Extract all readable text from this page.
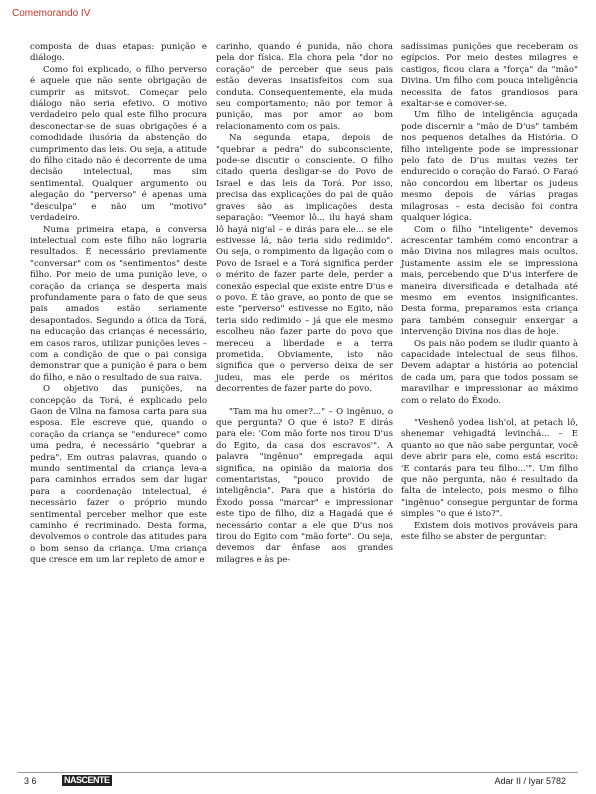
Comemorando IV

composta de duas etapas: punição e diálogo.

Como foi explicado, o filho perverso é aquele que não sente obrigação de cumprir as mitsvot. Começar pelo diálogo não seria efetivo. O motivo verdadeiro pelo qual este filho procura desconectar-se de suas obrigações é a comodidade ilusória da abstenção do cumprimento das leis. Ou seja, a atitude do filho citado não é decorrente de uma decisão intelectual, mas sim sentimental. Qualquer argumento ou alegação do "perverso" é apenas uma "desculpa" e não um "motivo" verdadeiro.

Numa primeira etapa, a conversa intelectual com este filho não lograria resultados. É necessário previamente "conversar" com os "sentimentos" deste filho. Por meio de uma punição leve, o coração da criança se desperta mais profundamente para o fato de que seus pais amados estão seriamente desapontados. Segundo a ótica da Torá, na educação das crianças é necessário, em casos raros, utilizar punições leves – com a condição de que o pai consiga demonstrar que a punição é para o bem do filho, e não o resultado de sua raiva.

O objetivo das punições, na concepção da Torá, é explicado pelo Gaon de Vilna na famosa carta para sua esposa. Ele escreve que, quando o coração da criança se "endurece" como uma pedra, é necessário "quebrar a pedra". Em outras palavras, quando o mundo sentimental da criança leva-a para caminhos errados sem dar lugar para a coordenação intelectual, é necessário fazer o próprio mundo sentimental perceber melhor que este caminho é recriminado. Desta forma, devolvemos o controle das atitudes para o bom senso da criança. Uma criança que cresce em um lar repleto de amor e

carinho, quando é punida, não chora pela dor física. Ela chora pela "dor no coração" de perceber que seus pais estão deveras insatisfeitos com sua conduta. Consequentemente, ela muda seu comportamento; não por temor à punição, mas por amor ao bom relacionamento com os pais.

Na segunda etapa, depois de "quebrar a pedra" do subconsciente, pode-se discutir o consciente. O filho citado queria desligar-se do Povo de Israel e das leis da Torá. Por isso, precisa das explicações do pai de quão graves são as implicações desta separação: "Veemor lô... ilu hayá sham lô hayá nig'al – e dirás para ele... se ele estivesse lá, não teria sido redimido". Ou seja, o rompimento da ligação com o Povo de Israel e a Torá significa perder o mérito de fazer parte dele, perder a conexão especial que existe entre D'us e o povo. É tão grave, ao ponto de que se este "perverso" estivesse no Egito, não teria sido redimido – já que ele mesmo escolheu não fazer parte do povo que mereceu a liberdade e a terra prometida. Obviamente, isto não significa que o perverso deixa de ser judeu, mas ele perde os méritos decorrentes de fazer parte do povo.

"Tam ma hu omer?..." – O ingênuo, o que pergunta? O que é isto? E dirás para ele: 'Com mão forte nos tirou D'us do Egito, da casa dos escravos'". A palavra "ingênuo" empregada aqui significa, na opinião da maioria dos comentaristas, "pouco provido de inteligência". Para que a história do Êxodo possa "marcar" e impressionar este tipo de filho, diz a Hagadá que é necessário contar a ele que D'us nos tirou do Egito com "mão forte". Ou seja, devemos dar ênfase aos grandes milagres e às pe-

sadíssimas punições que receberam os egípcios. Por meio destes milagres e castigos, ficou clara a "força" da "mão" Divina. Um filho com pouca inteligência necessita de fatos grandiosos para exaltar-se e comover-se.

Um filho de inteligência aguçada pode discernir a "mão de D'us" também nos pequenos detalhes da História. O filho inteligente pode se impressionar pelo fato de D'us muitas vezes ter endurecido o coração do Faraó. O Faraó não concordou em libertar os judeus mesmo depois de várias pragas milagrosas – esta decisão foi contra qualquer lógica.

Com o filho "inteligente" devemos acrescentar também como encontrar a mão Divina nos milagres mais ocultos. Justamente assim ele se impressiona mais, percebendo que D'us interfere de maneira diversificada e detalhada até mesmo em eventos insignificantes. Desta forma, preparamos esta criança para também conseguir enxergar a intervenção Divina nos dias de hoje.

Os pais não podem se iludir quanto à capacidade intelectual de seus filhos. Devem adaptar a história ao potencial de cada um, para que todos possam se maravilhar e impressionar ao máximo com o relato do Êxodo.

"Veshenô yodea lish'ol, at petach lô, shenemar vehigadtá levinchá... – E quanto ao que não sabe perguntar, você deve abrir para ele, como está escrito: 'E contarás para teu filho...'". Um filho que não pergunta, não é resultado da falta de intelecto, pois mesmo o filho "ingênuo" consegue perguntar de forma simples "o que é isto?".

Existem dois motivos prováveis para este filho se abster de perguntar:

3 6	NASCENTE	Adar II / Iyar 5782
